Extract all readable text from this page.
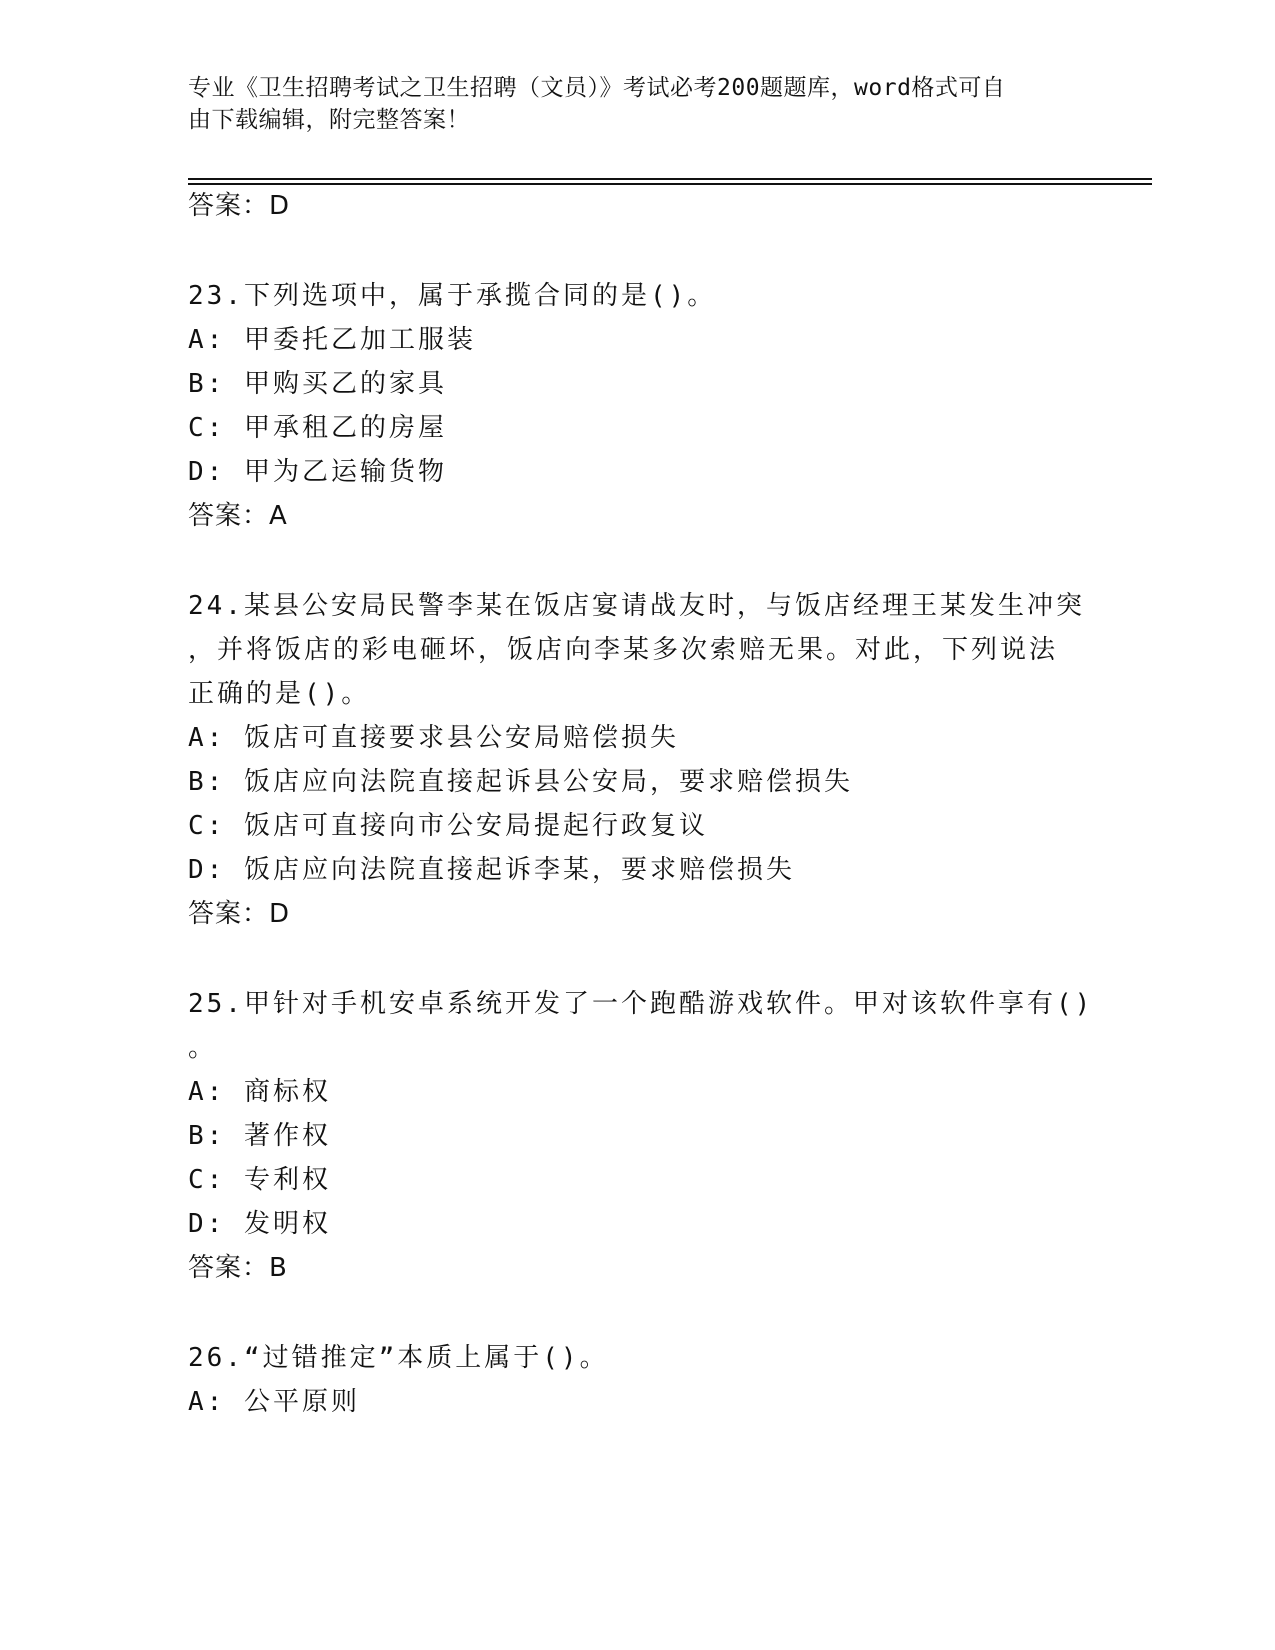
专业《卫生招聘考试之卫生招聘（文员）》考试必考200题题库，word格式可自
由下载编辑，附完整答案！
答案：D
23.下列选项中，属于承揽合同的是()。
A: 甲委托乙加工服装
B: 甲购买乙的家具
C: 甲承租乙的房屋
D: 甲为乙运输货物
答案：A
24.某县公安局民警李某在饭店宴请战友时，与饭店经理王某发生冲突
，并将饭店的彩电砸坏，饭店向李某多次索赔无果。对此，下列说法
正确的是()。
A: 饭店可直接要求县公安局赔偿损失
B: 饭店应向法院直接起诉县公安局，要求赔偿损失
C: 饭店可直接向市公安局提起行政复议
D: 饭店应向法院直接起诉李某，要求赔偿损失
答案：D
25.甲针对手机安卓系统开发了一个跑酷游戏软件。甲对该软件享有()
。
A: 商标权
B: 著作权
C: 专利权
D: 发明权
答案：B
26.“过错推定”本质上属于()。
A: 公平原则
